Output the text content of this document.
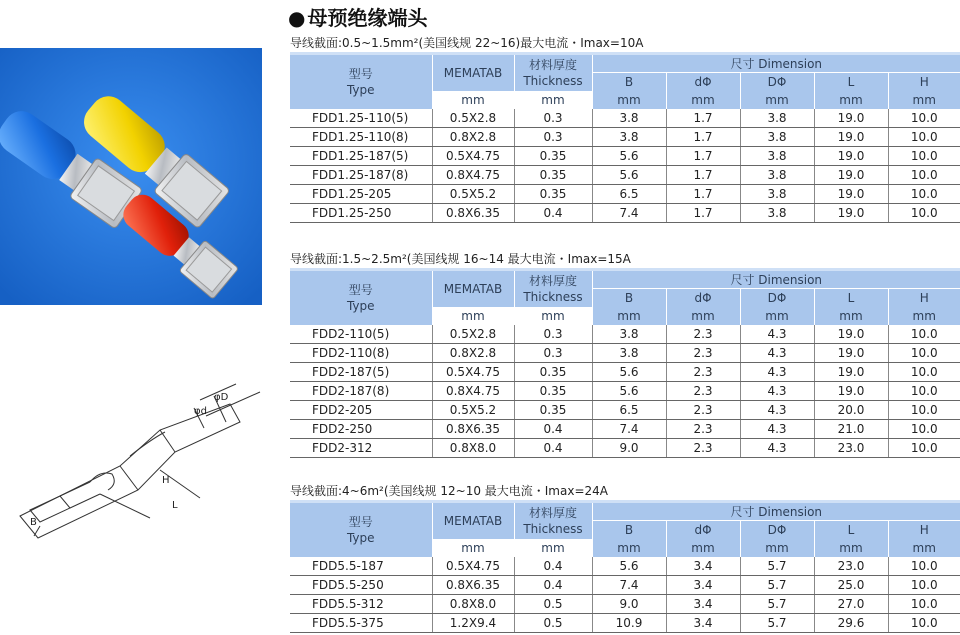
● 母预绝缘端头
φD
φd
H
L
B
导线截面:0.5~1.5mm²(美国线规 22~16)最大电流・Imax=10A

型号
Type	MEMATAB	材料厚度
Thickness	尺寸 Dimension				
			B	dΦ	DΦ	L	H
	mm	mm	mm	mm	mm	mm	mm
FDD1.25-110(5)	0.5X2.8	0.3	3.8	1.7	3.8	19.0	10.0
FDD1.25-110(8)	0.8X2.8	0.3	3.8	1.7	3.8	19.0	10.0
FDD1.25-187(5)	0.5X4.75	0.35	5.6	1.7	3.8	19.0	10.0
FDD1.25-187(8)	0.8X4.75	0.35	5.6	1.7	3.8	19.0	10.0
FDD1.25-205	0.5X5.2	0.35	6.5	1.7	3.8	19.0	10.0
FDD1.25-250	0.8X6.35	0.4	7.4	1.7	3.8	19.0	10.0
导线截面:1.5~2.5m²(美国线规 16~14 最大电流・Imax=15A

型号
Type	MEMATAB	材料厚度
Thickness	尺寸 Dimension				
			B	dΦ	DΦ	L	H
	mm	mm	mm	mm	mm	mm	mm
FDD2-110(5)	0.5X2.8	0.3	3.8	2.3	4.3	19.0	10.0
FDD2-110(8)	0.8X2.8	0.3	3.8	2.3	4.3	19.0	10.0
FDD2-187(5)	0.5X4.75	0.35	5.6	2.3	4.3	19.0	10.0
FDD2-187(8)	0.8X4.75	0.35	5.6	2.3	4.3	19.0	10.0
FDD2-205	0.5X5.2	0.35	6.5	2.3	4.3	20.0	10.0
FDD2-250	0.8X6.35	0.4	7.4	2.3	4.3	21.0	10.0
FDD2-312	0.8X8.0	0.4	9.0	2.3	4.3	23.0	10.0
导线截面:4~6m²(美国线规 12~10 最大电流・Imax=24A

型号
Type	MEMATAB	材料厚度
Thickness	尺寸 Dimension				
			B	dΦ	DΦ	L	H
	mm	mm	mm	mm	mm	mm	mm
FDD5.5-187	0.5X4.75	0.4	5.6	3.4	5.7	23.0	10.0
FDD5.5-250	0.8X6.35	0.4	7.4	3.4	5.7	25.0	10.0
FDD5.5-312	0.8X8.0	0.5	9.0	3.4	5.7	27.0	10.0
FDD5.5-375	1.2X9.4	0.5	10.9	3.4	5.7	29.6	10.0
